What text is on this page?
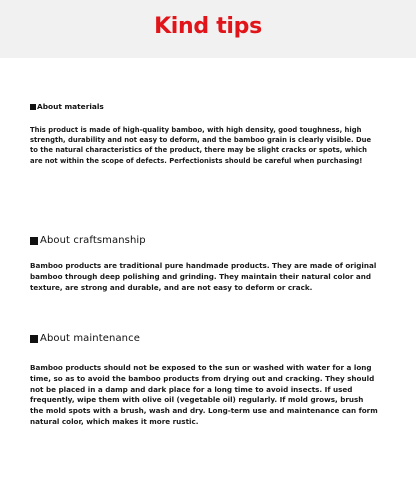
Kind tips
About materials

This product is made of high-quality bamboo, with high density, good toughness, high strength, durability and not easy to deform, and the bamboo grain is clearly visible. Due to the natural characteristics of the product, there may be slight cracks or spots, which are not within the scope of defects. Perfectionists should be careful when purchasing!

About craftsmanship

Bamboo products are traditional pure handmade products. They are made of original bamboo through deep polishing and grinding. They maintain their natural color and texture, are strong and durable, and are not easy to deform or crack.

About maintenance

Bamboo products should not be exposed to the sun or washed with water for a long time, so as to avoid the bamboo products from drying out and cracking. They should not be placed in a damp and dark place for a long time to avoid insects. If used frequently, wipe them with olive oil (vegetable oil) regularly. If mold grows, brush the mold spots with a brush, wash and dry. Long-term use and maintenance can form natural color, which makes it more rustic.
